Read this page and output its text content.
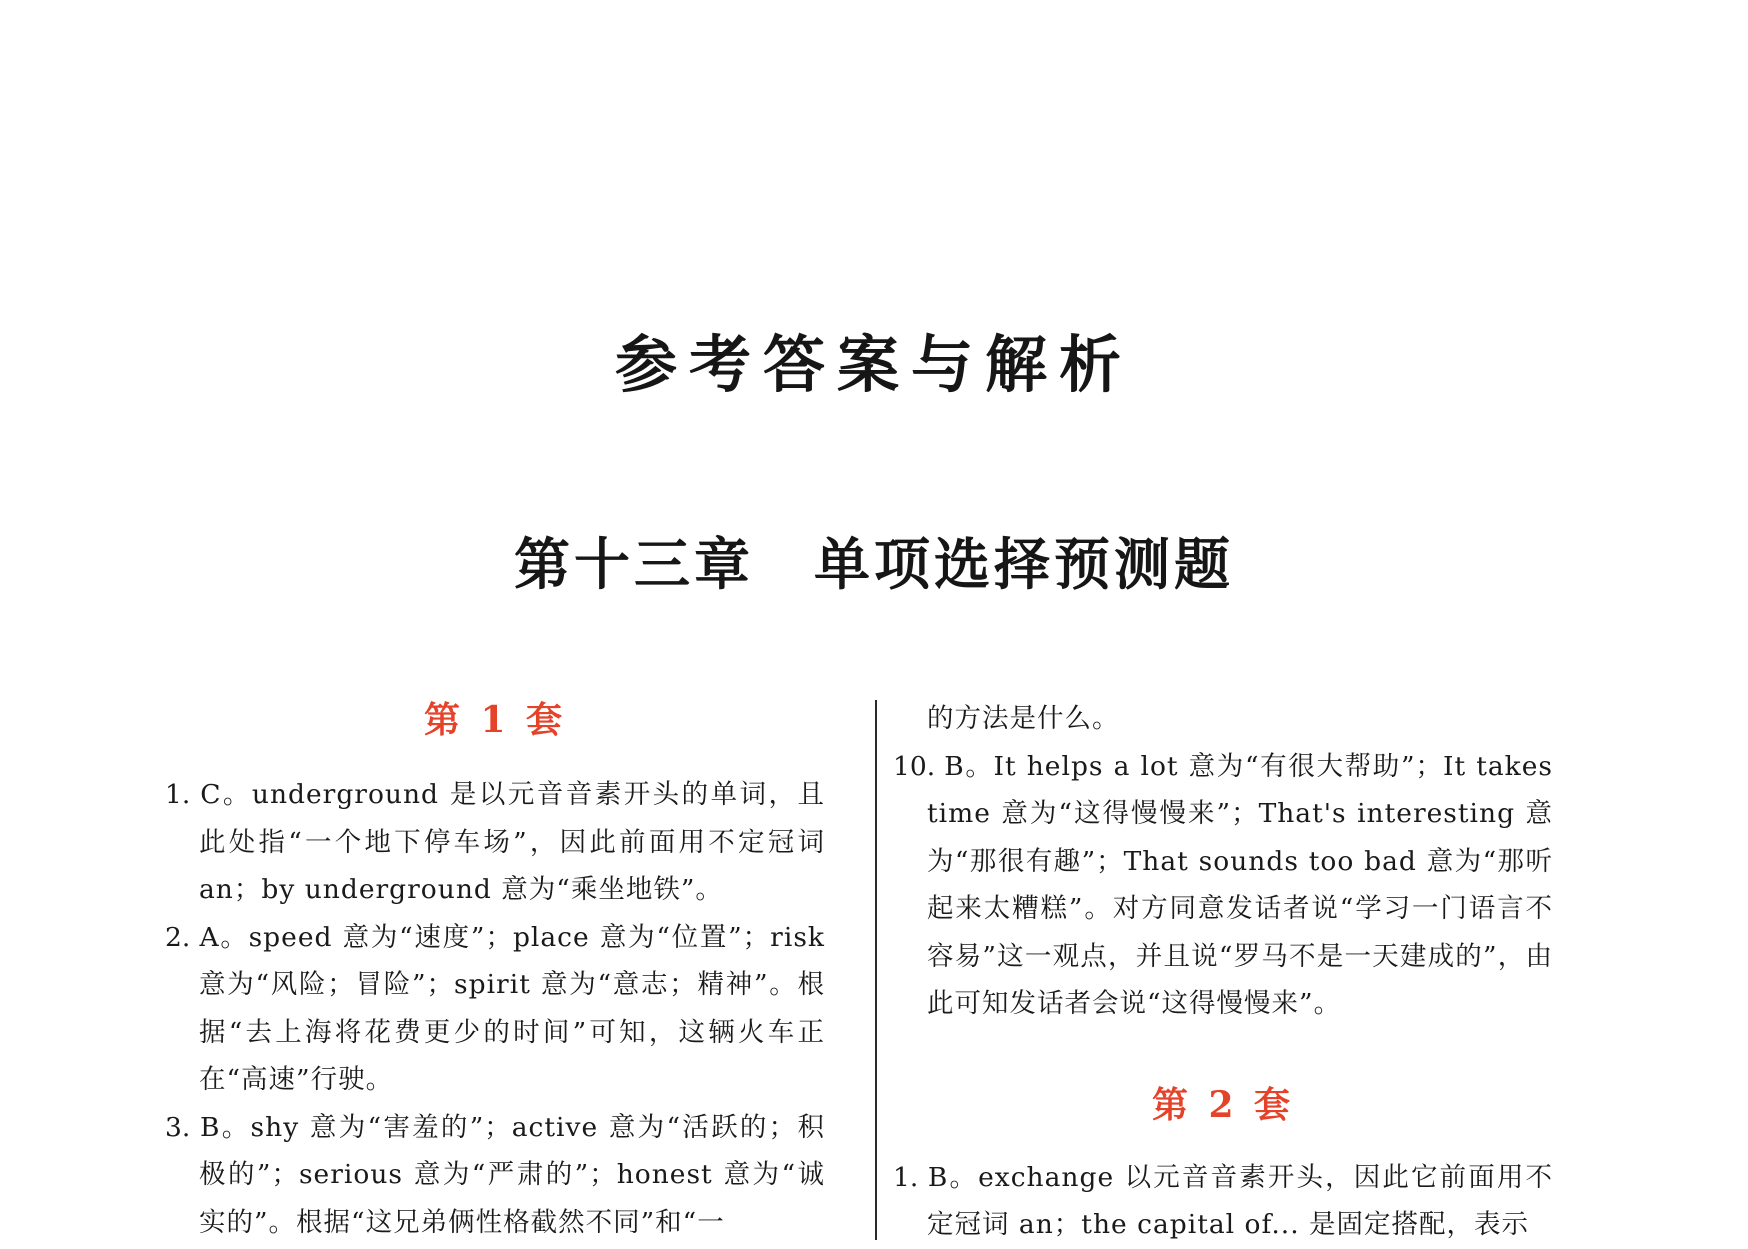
参考答案与解析
第十三章 单项选择预测题
第 1 套
1. C。underground 是以元音音素开头的单词，且此处指“一个地下停车场”，因此前面用不定冠词 an；by underground 意为“乘坐地铁”。
2. A。speed 意为“速度”；place 意为“位置”；risk 意为“风险；冒险”；spirit 意为“意志；精神”。根据“去上海将花费更少的时间”可知，这辆火车正在“高速”行驶。
3. B。shy 意为“害羞的”；active 意为“活跃的；积极的”；serious 意为“严肃的”；honest 意为“诚实的”。根据“这兄弟俩性格截然不同”和“一
的方法是什么。
10. B。It helps a lot 意为“有很大帮助”；It takes time 意为“这得慢慢来”；That's interesting 意为“那很有趣”；That sounds too bad 意为“那听起来太糟糕”。对方同意发话者说“学习一门语言不容易”这一观点，并且说“罗马不是一天建成的”，由此可知发话者会说“这得慢慢来”。
第 2 套
1. B。exchange 以元音音素开头，因此它前面用不定冠词 an；the capital of... 是固定搭配，表示
